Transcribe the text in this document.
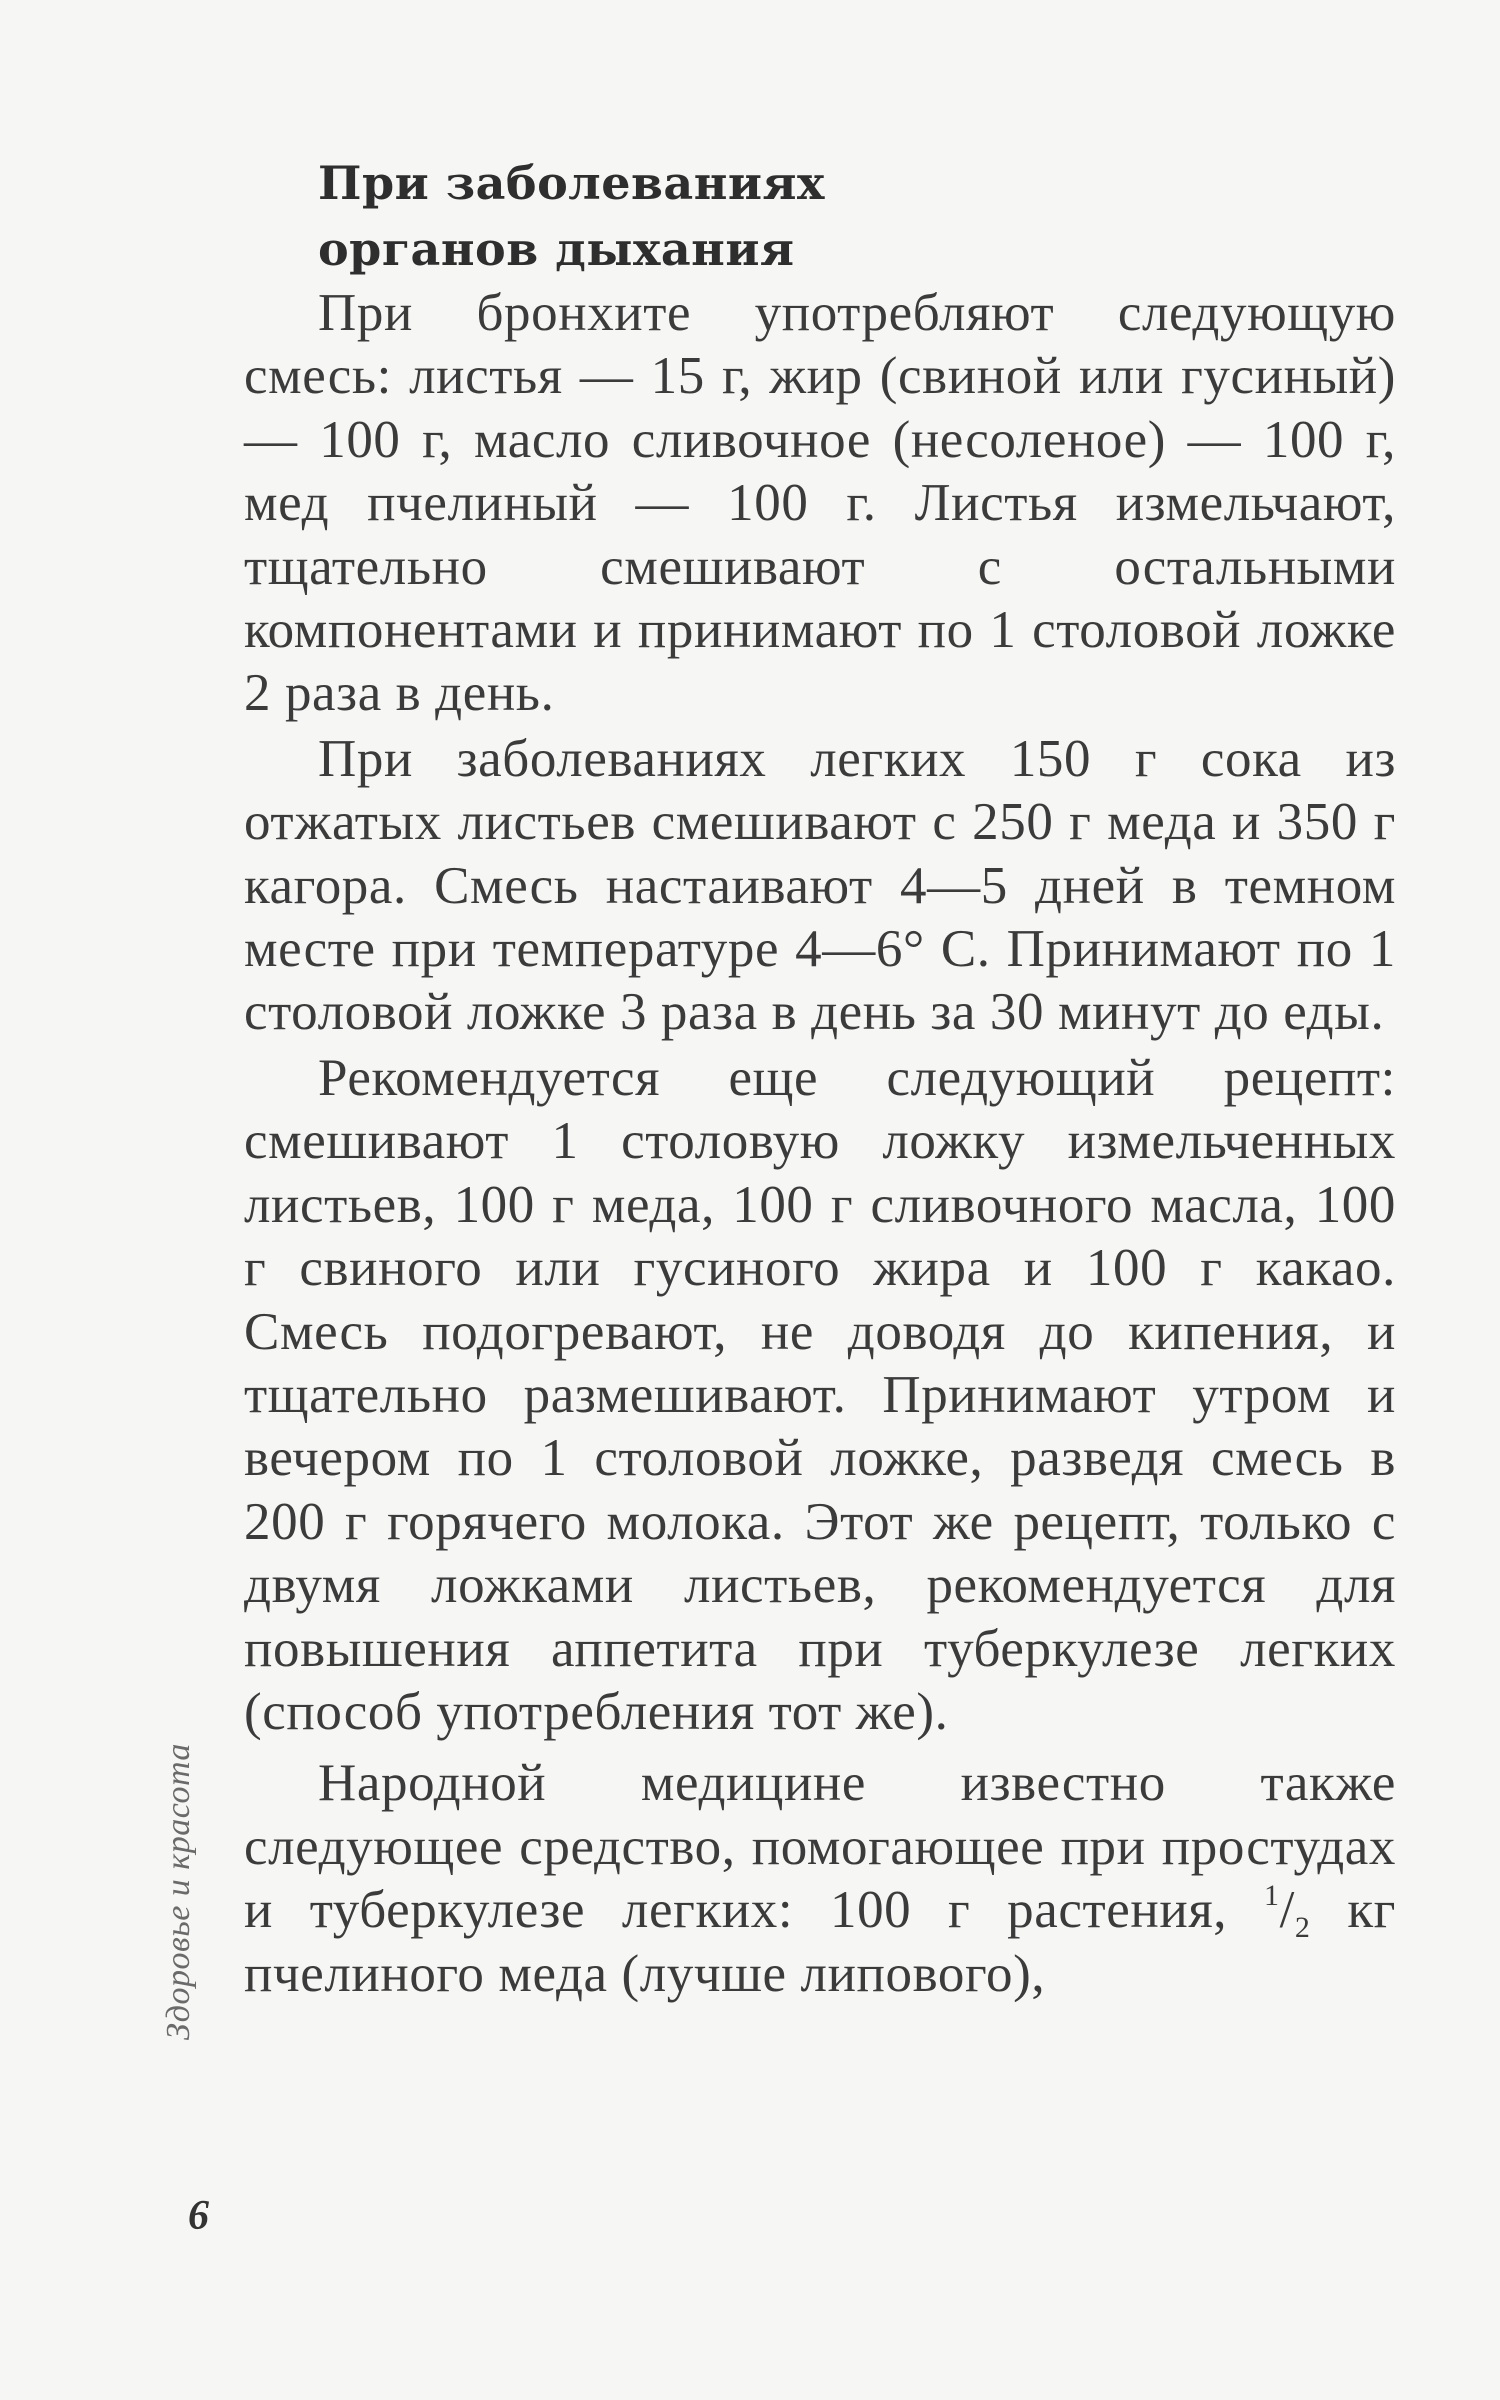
При заболеваниях
органов дыхания

При бронхите употребляют следующую смесь: листья — 15 г, жир (свиной или гусиный) — 100 г, масло сливочное (несоленое) — 100 г, мед пчелиный — 100 г. Листья измельчают, тщательно смешивают с остальными компонентами и принимают по 1 столовой ложке 2 раза в день.

При заболеваниях легких 150 г сока из отжатых листьев смешивают с 250 г меда и 350 г кагора. Смесь настаивают 4—5 дней в темном месте при температуре 4—6° С. Принимают по 1 столовой ложке 3 раза в день за 30 минут до еды.

Рекомендуется еще следующий рецепт: смешивают 1 столовую ложку измельченных листьев, 100 г меда, 100 г сливочного масла, 100 г свиного или гусиного жира и 100 г какао. Смесь подогревают, не доводя до кипения, и тщательно размешивают. Принимают утром и вечером по 1 столовой ложке, разведя смесь в 200 г горячего молока. Этот же рецепт, только с двумя ложками листьев, рекомендуется для повышения аппетита при туберкулезе легких (способ употребления тот же).

Народной медицине известно также следующее средство, помогающее при простудах и туберкулезе легких: 100 г растения, $^1/_2$ кг пчелиного меда (лучше липового),

Здоровье и красота
6
